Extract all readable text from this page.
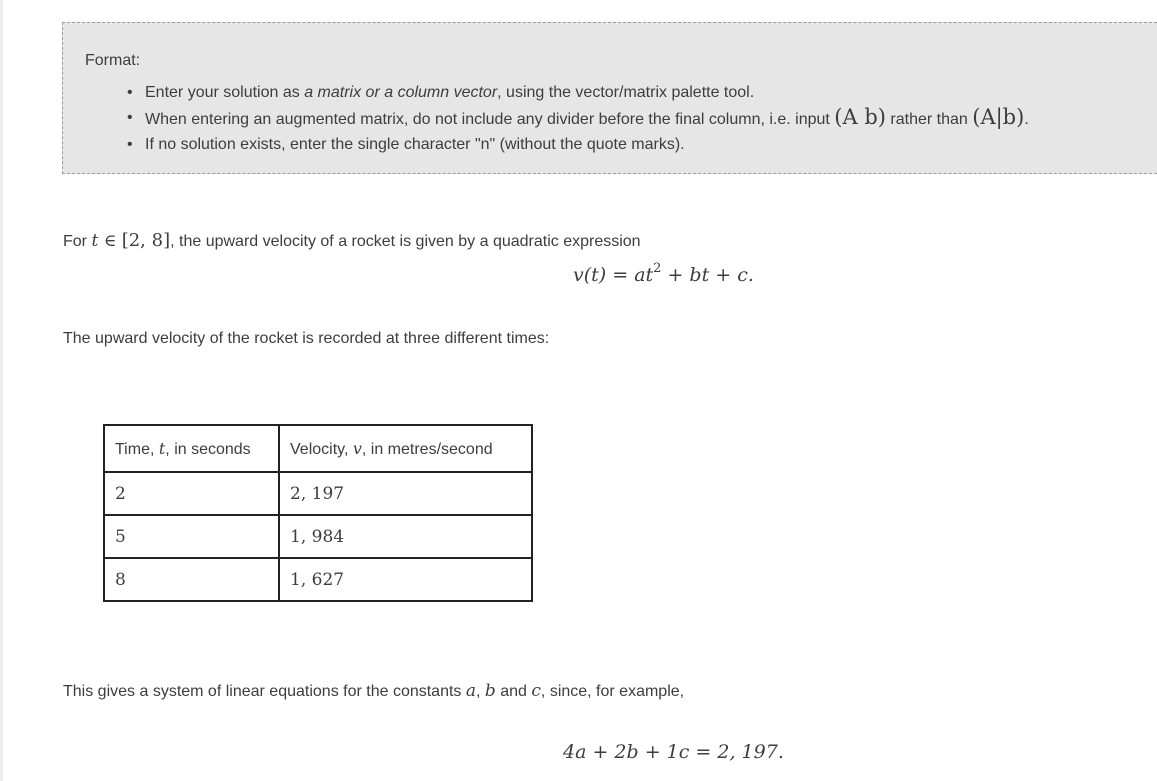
Format:
• Enter your solution as a matrix or a column vector, using the vector/matrix palette tool.
• When entering an augmented matrix, do not include any divider before the final column, i.e. input (A b) rather than (A|b).
• If no solution exists, enter the single character "n" (without the quote marks).
For t ∈ [2, 8], the upward velocity of a rocket is given by a quadratic expression
$v(t) = at^2$ + bt + c.
The upward velocity of the rocket is recorded at three different times:
Time, t, in seconds	Velocity, v, in metres/second
2	2, 197
5	1, 984
8	1, 627
This gives a system of linear equations for the constants a, b and c, since, for example,
4a + 2b + 1c = 2, 197.
